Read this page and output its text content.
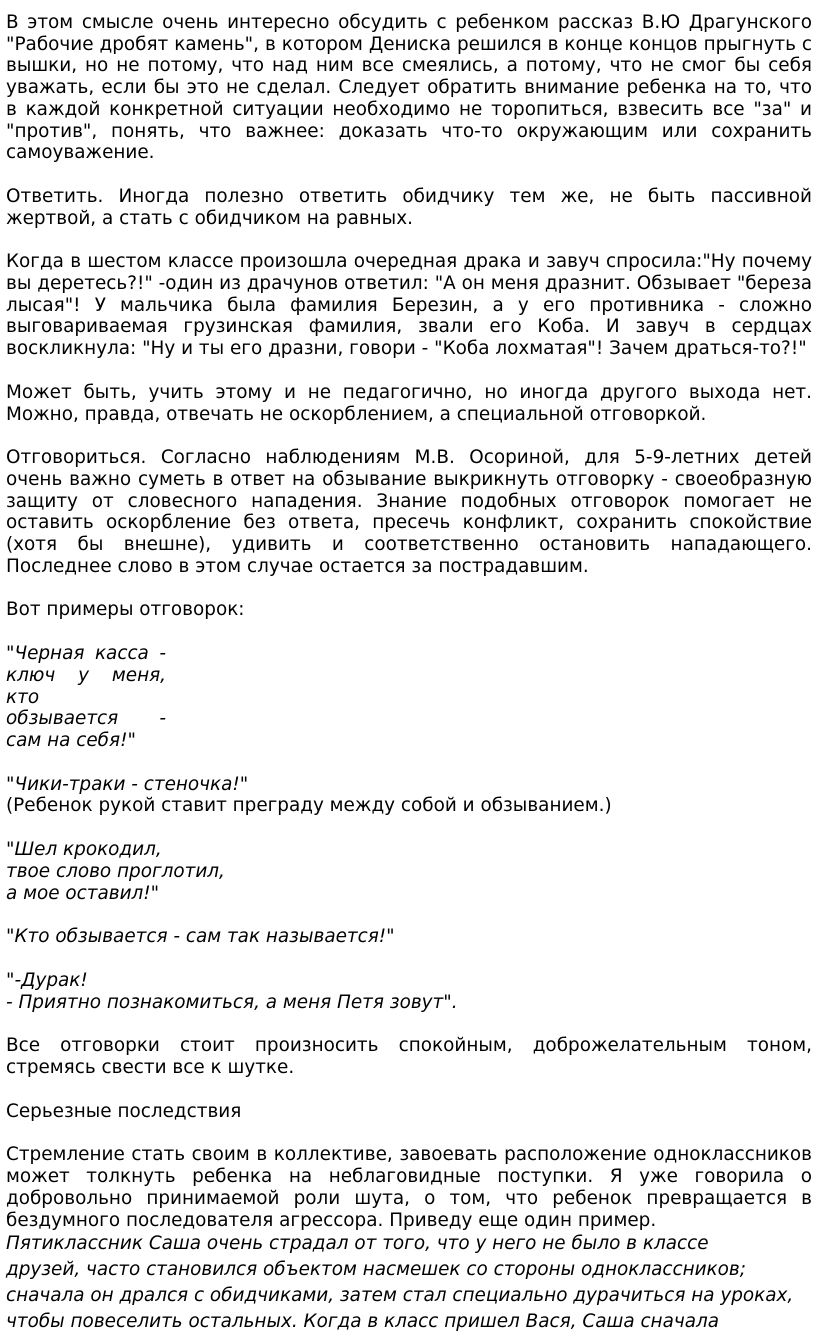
В этом смысле очень интересно обсудить с ребенком рассказ В.Ю Драгунского "Рабочие дробят камень", в котором Дениска решился в конце концов прыгнуть с вышки, но не потому, что над ним все смеялись, а потому, что не смог бы себя уважать, если бы это не сделал. Следует обратить внимание ребенка на то, что в каждой конкретной ситуации необходимо не торопиться, взвесить все "за" и "против", понять, что важнее: доказать что-то окружающим или сохранить самоуважение.

Ответить. Иногда полезно ответить обидчику тем же, не быть пассивной жертвой, а стать с обидчиком на равных.

Когда в шестом классе произошла очередная драка и завуч спросила:"Ну почему вы деретесь?!" -один из драчунов ответил: "А он меня дразнит. Обзывает "береза лысая"! У мальчика была фамилия Березин, а у его противника - сложно выговариваемая грузинская фамилия, звали его Коба. И завуч в сердцах воскликнула: "Ну и ты его дразни, говори - "Коба лохматая"! Зачем драться-то?!"

Может быть, учить этому и не педагогично, но иногда другого выхода нет. Можно, правда, отвечать не оскорблением, а специальной отговоркой.

Отговориться. Согласно наблюдениям М.В. Осориной, для 5-9-летних детей очень важно суметь в ответ на обзывание выкрикнуть отговорку - своеобразную защиту от словесного нападения. Знание подобных отговорок помогает не оставить оскорбление без ответа, пресечь конфликт, сохранить спокойствие (хотя бы внешне), удивить и соответственно остановить нападающего. Последнее слово в этом случае остается за пострадавшим.

Вот примеры отговорок:

"Черная касса -
ключ у меня,
кто
обзывается -
сам на себя!"
"Чики-траки - стеночка!"
(Ребенок рукой ставит преграду между собой и обзыванием.)
"Шел крокодил,
твое слово проглотил,
а мое оставил!"
"Кто обзывается - сам так называется!"
"-Дурак!
- Приятно познакомиться, а меня Петя зовут".

Все отговорки стоит произносить спокойным, доброжелательным тоном, стремясь свести все к шутке.

Серьезные последствия

Стремление стать своим в коллективе, завоевать расположение одноклассников может толкнуть ребенка на неблаговидные поступки. Я уже говорила о добровольно принимаемой роли шута, о том, что ребенок превращается в бездумного последователя агрессора. Приведу еще один пример.

Пятиклассник Саша очень страдал от того, что у него не было в классе
друзей, часто становился объектом насмешек со стороны одноклассников;
сначала он дрался с обидчиками, затем стал специально дурачиться на уроках,
чтобы повеселить остальных. Когда в класс пришел Вася, Саша сначала
